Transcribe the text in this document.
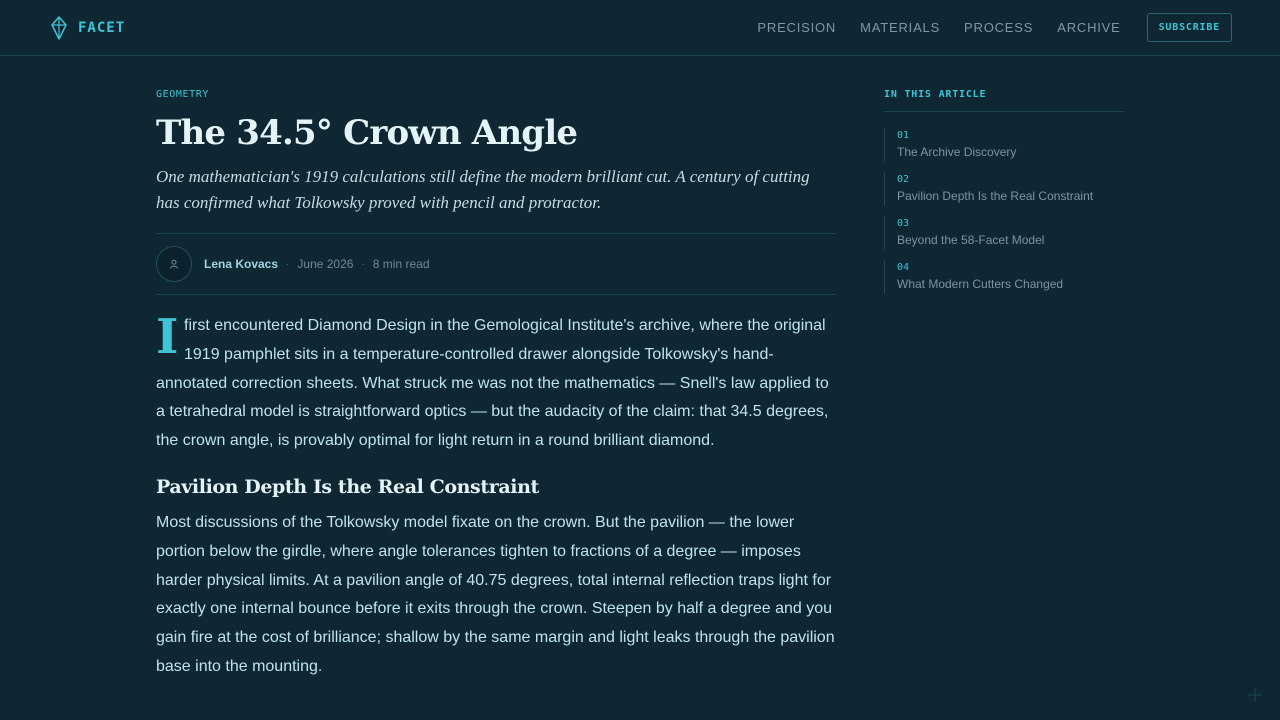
FACET	PRECISION MATERIALS PROCESS ARCHIVE	SUBSCRIBE
GEOMETRY
The 34.5° Crown Angle

One mathematician's 1919 calculations still define the modern brilliant cut. A century of cutting has confirmed what Tolkowsky proved with pencil and protractor.

Lena Kovacs · June 2026 · 8 min read
I first encountered Diamond Design in the Gemological Institute's archive, where the original 1919 pamphlet sits in a temperature-controlled drawer alongside Tolkowsky's hand-annotated correction sheets. What struck me was not the mathematics — Snell's law applied to a tetrahedral model is straightforward optics — but the audacity of the claim: that 34.5 degrees, the crown angle, is provably optimal for light return in a round brilliant diamond.
Pavilion Depth Is the Real Constraint

Most discussions of the Tolkowsky model fixate on the crown. But the pavilion — the lower portion below the girdle, where angle tolerances tighten to fractions of a degree — imposes harder physical limits. At a pavilion angle of 40.75 degrees, total internal reflection traps light for exactly one internal bounce before it exits through the crown. Steepen by half a degree and you gain fire at the cost of brilliance; shallow by the same margin and light leaks through the pavilion base into the mounting.

IN THIS ARTICLE
01
The Archive Discovery
02
Pavilion Depth Is the Real Constraint
03
Beyond the 58-Facet Model
04
What Modern Cutters Changed
